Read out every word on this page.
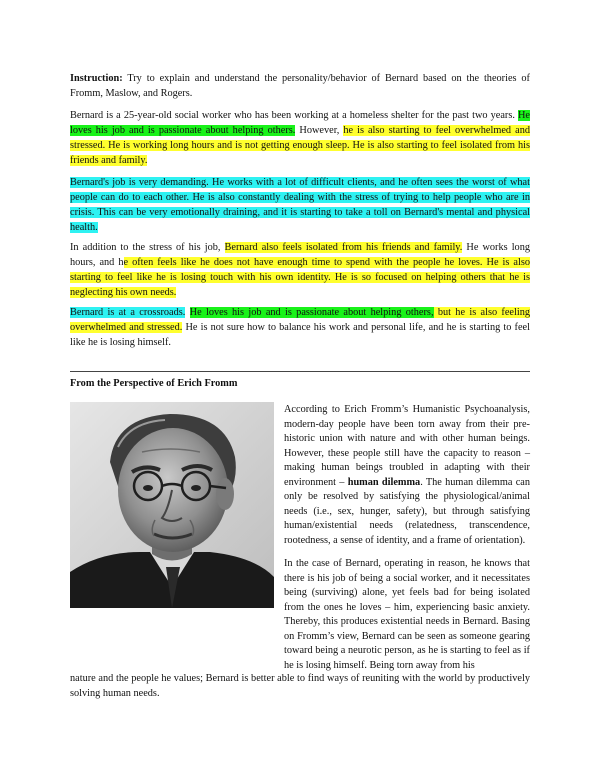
Instruction: Try to explain and understand the personality/behavior of Bernard based on the theories of Fromm, Maslow, and Rogers.

Bernard is a 25-year-old social worker who has been working at a homeless shelter for the past two years. He loves his job and is passionate about helping others. However, he is also starting to feel overwhelmed and stressed. He is working long hours and is not getting enough sleep. He is also starting to feel isolated from his friends and family.

Bernard's job is very demanding. He works with a lot of difficult clients, and he often sees the worst of what people can do to each other. He is also constantly dealing with the stress of trying to help people who are in crisis. This can be very emotionally draining, and it is starting to take a toll on Bernard's mental and physical health.

In addition to the stress of his job, Bernard also feels isolated from his friends and family. He works long hours, and he often feels like he does not have enough time to spend with the people he loves. He is also starting to feel like he is losing touch with his own identity. He is so focused on helping others that he is neglecting his own needs.

Bernard is at a crossroads. He loves his job and is passionate about helping others, but he is also feeling overwhelmed and stressed. He is not sure how to balance his work and personal life, and he is starting to feel like he is losing himself.

From the Perspective of Erich Fromm

According to Erich Fromm’s Humanistic Psychoanalysis, modern-day people have been torn away from their pre-historic union with nature and with other human beings. However, these people still have the capacity to reason – making human beings troubled in adapting with their environment – human dilemma. The human dilemma can only be resolved by satisfying the physiological/animal needs (i.e., sex, hunger, safety), but through satisfying human/existential needs (relatedness, transcendence, rootedness, a sense of identity, and a frame of orientation).

In the case of Bernard, operating in reason, he knows that there is his job of being a social worker, and it necessitates being (surviving) alone, yet feels bad for being isolated from the ones he loves – him, experiencing basic anxiety. Thereby, this produces existential needs in Bernard. Basing on Fromm’s view, Bernard can be seen as someone gearing toward being a neurotic person, as he is starting to feel as if he is losing himself. Being torn away from his

nature and the people he values; Bernard is better able to find ways of reuniting with the world by productively solving human needs.
